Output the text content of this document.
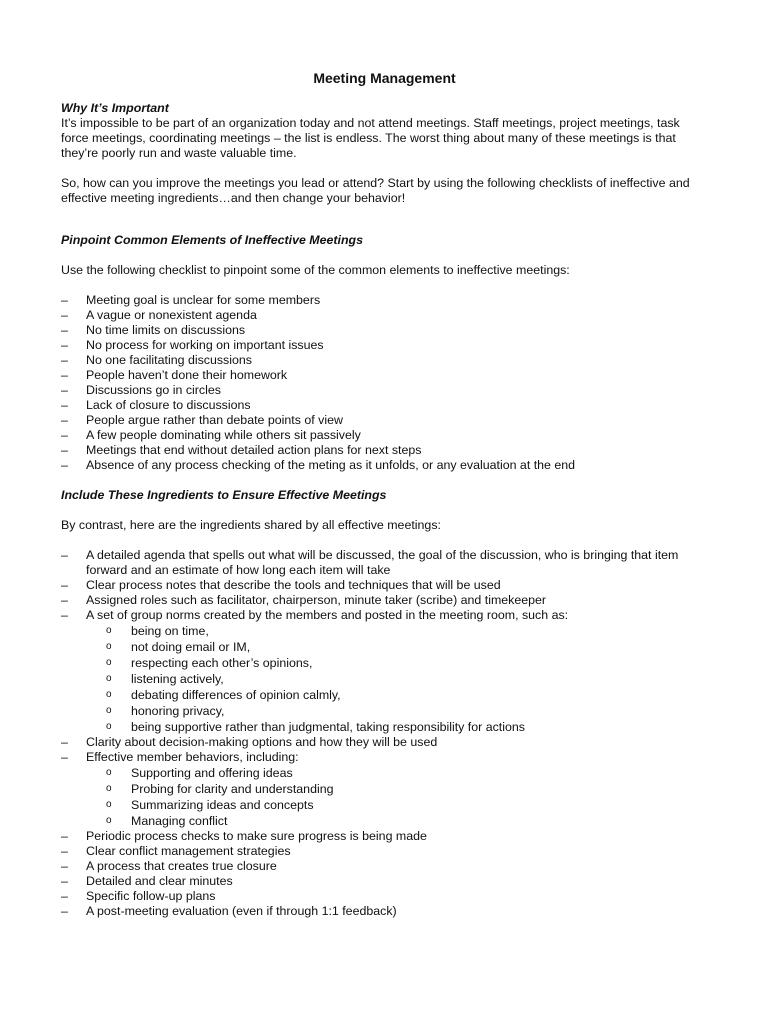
Meeting Management
Why It’s Important

It’s impossible to be part of an organization today and not attend meetings. Staff meetings, project meetings, task force meetings, coordinating meetings – the list is endless. The worst thing about many of these meetings is that they’re poorly run and waste valuable time.

So, how can you improve the meetings you lead or attend? Start by using the following checklists of ineffective and effective meeting ingredients…and then change your behavior!

Pinpoint Common Elements of Ineffective Meetings

Use the following checklist to pinpoint some of the common elements to ineffective meetings:

–	Meeting goal is unclear for some members
–	A vague or nonexistent agenda
–	No time limits on discussions
–	No process for working on important issues
–	No one facilitating discussions
–	People haven’t done their homework
–	Discussions go in circles
–	Lack of closure to discussions
–	People argue rather than debate points of view
–	A few people dominating while others sit passively
–	Meetings that end without detailed action plans for next steps
–	Absence of any process checking of the meting as it unfolds, or any evaluation at the end
Include These Ingredients to Ensure Effective Meetings

By contrast, here are the ingredients shared by all effective meetings:

–	A detailed agenda that spells out what will be discussed, the goal of the discussion, who is bringing that item forward and an estimate of how long each item will take
–	Clear process notes that describe the tools and techniques that will be used
–	Assigned roles such as facilitator, chairperson, minute taker (scribe) and timekeeper
–	A set of group norms created by the members and posted in the meeting room, such as:
o being on time,
o not doing email or IM,
o respecting each other’s opinions,
o listening actively,
o debating differences of opinion calmly,
o honoring privacy,
o being supportive rather than judgmental, taking responsibility for actions
–	Clarity about decision-making options and how they will be used
–	Effective member behaviors, including:
o Supporting and offering ideas
o Probing for clarity and understanding
o Summarizing ideas and concepts
o Managing conflict
–	Periodic process checks to make sure progress is being made
–	Clear conflict management strategies
–	A process that creates true closure
–	Detailed and clear minutes
–	Specific follow-up plans
–	A post-meeting evaluation (even if through 1:1 feedback)
